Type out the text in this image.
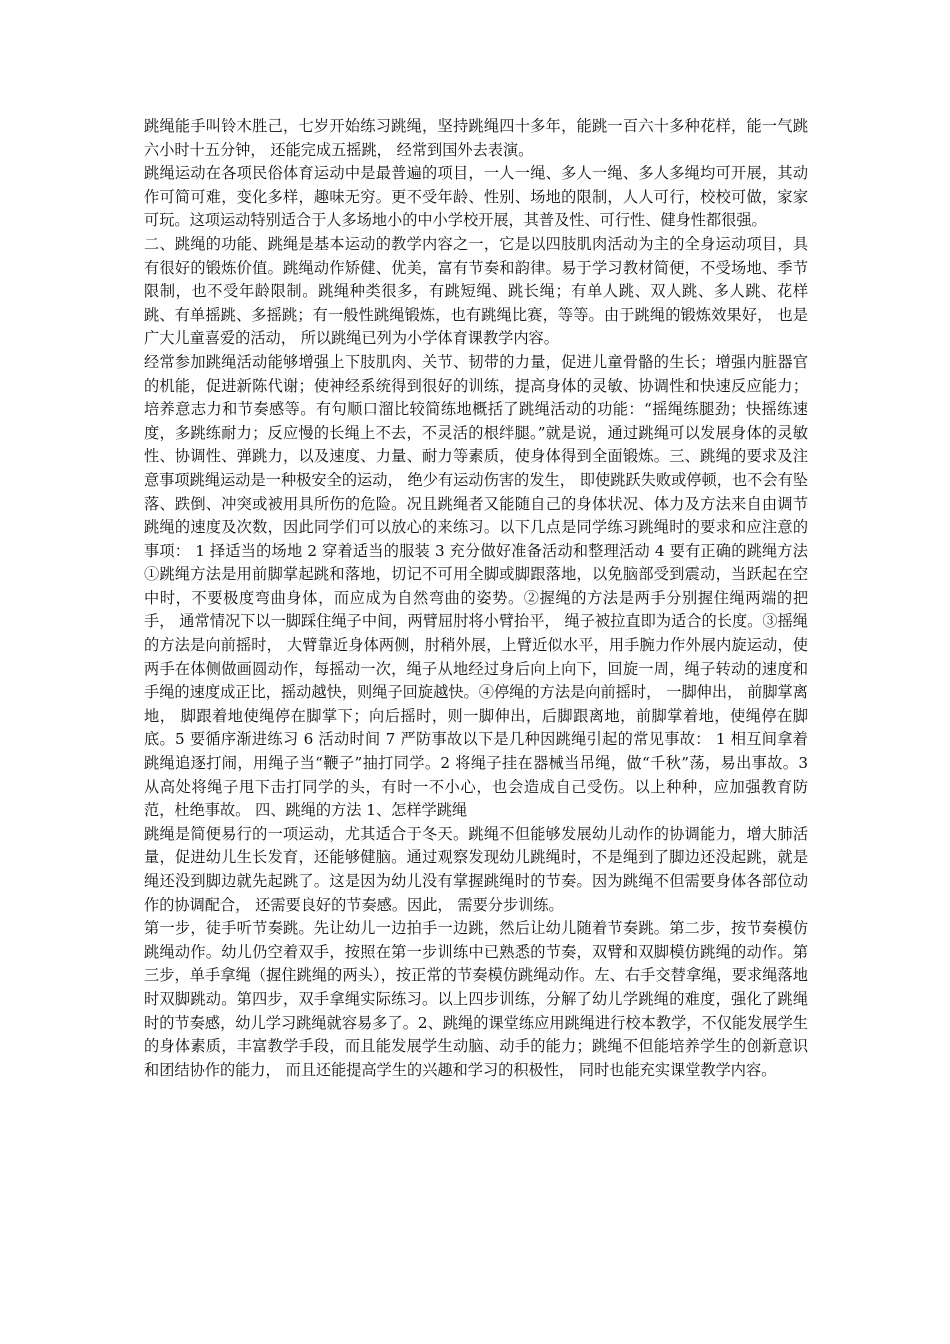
跳绳能手叫铃木胜己，七岁开始练习跳绳，坚持跳绳四十多年，能跳一百六十多种花样，能一气跳六小时十五分钟， 还能完成五摇跳， 经常到国外去表演。

跳绳运动在各项民俗体育运动中是最普遍的项目，一人一绳、多人一绳、多人多绳均可开展，其动作可简可难，变化多样，趣味无穷。更不受年龄、性别、场地的限制，人人可行，校校可做，家家可玩。这项运动特别适合于人多场地小的中小学校开展，其普及性、可行性、健身性都很强。

二、跳绳的功能、跳绳是基本运动的教学内容之一，它是以四肢肌肉活动为主的全身运动项目，具有很好的锻炼价值。跳绳动作矫健、优美，富有节奏和韵律。易于学习教材简便，不受场地、季节限制，也不受年龄限制。跳绳种类很多，有跳短绳、跳长绳；有单人跳、双人跳、多人跳、花样跳、有单摇跳、多摇跳；有一般性跳绳锻炼，也有跳绳比赛，等等。由于跳绳的锻炼效果好， 也是广大儿童喜爱的活动， 所以跳绳已列为小学体育课教学内容。

经常参加跳绳活动能够增强上下肢肌肉、关节、韧带的力量，促进儿童骨骼的生长；增强内脏器官的机能，促进新陈代谢；使神经系统得到很好的训练，提高身体的灵敏、协调性和快速反应能力； 培养意志力和节奏感等。有句顺口溜比较简练地概括了跳绳活动的功能：“摇绳练腿劲；快摇练速度，多跳练耐力；反应慢的长绳上不去，不灵活的根绊腿。”就是说，通过跳绳可以发展身体的灵敏性、协调性、弹跳力，以及速度、力量、耐力等素质，使身体得到全面锻炼。三、跳绳的要求及注意事项跳绳运动是一种极安全的运动， 绝少有运动伤害的发生， 即使跳跃失败或停顿，也不会有坠落、跌倒、冲突或被用具所伤的危险。况且跳绳者又能随自己的身体状况、体力及方法来自由调节跳绳的速度及次数，因此同学们可以放心的来练习。以下几点是同学练习跳绳时的要求和应注意的事项： 1 择适当的场地 2 穿着适当的服装 3 充分做好准备活动和整理活动 4 要有正确的跳绳方法①跳绳方法是用前脚掌起跳和落地，切记不可用全脚或脚跟落地，以免脑部受到震动，当跃起在空中时，不要极度弯曲身体，而应成为自然弯曲的姿势。②握绳的方法是两手分别握住绳两端的把手， 通常情况下以一脚踩住绳子中间，两臂屈肘将小臂抬平， 绳子被拉直即为适合的长度。③摇绳的方法是向前摇时， 大臂靠近身体两侧，肘稍外展，上臂近似水平，用手腕力作外展内旋运动，使两手在体侧做画圆动作，每摇动一次，绳子从地经过身后向上向下，回旋一周，绳子转动的速度和手绳的速度成正比，摇动越快，则绳子回旋越快。④停绳的方法是向前摇时， 一脚伸出， 前脚掌离地， 脚跟着地使绳停在脚掌下；向后摇时，则一脚伸出，后脚跟离地，前脚掌着地，使绳停在脚底。5 要循序渐进练习 6 活动时间 7 严防事故以下是几种因跳绳引起的常见事故： 1 相互间拿着跳绳追逐打闹，用绳子当“鞭子”抽打同学。2 将绳子挂在器械当吊绳，做“千秋”荡，易出事故。3 从高处将绳子甩下击打同学的头，有时一不小心，也会造成自己受伤。以上种种，应加强教育防范，杜绝事故。 四、跳绳的方法 1、怎样学跳绳

跳绳是简便易行的一项运动，尤其适合于冬天。跳绳不但能够发展幼儿动作的协调能力，增大肺活量，促进幼儿生长发育，还能够健脑。通过观察发现幼儿跳绳时，不是绳到了脚边还没起跳，就是绳还没到脚边就先起跳了。这是因为幼儿没有掌握跳绳时的节奏。因为跳绳不但需要身体各部位动作的协调配合， 还需要良好的节奏感。因此， 需要分步训练。

第一步，徒手听节奏跳。先让幼儿一边拍手一边跳，然后让幼儿随着节奏跳。第二步，按节奏模仿跳绳动作。幼儿仍空着双手，按照在第一步训练中已熟悉的节奏，双臂和双脚模仿跳绳的动作。第三步，单手拿绳（握住跳绳的两头），按正常的节奏模仿跳绳动作。左、右手交替拿绳，要求绳落地时双脚跳动。第四步，双手拿绳实际练习。以上四步训练，分解了幼儿学跳绳的难度，强化了跳绳时的节奏感，幼儿学习跳绳就容易多了。2、跳绳的课堂练应用跳绳进行校本教学，不仅能发展学生的身体素质，丰富教学手段，而且能发展学生动脑、动手的能力；跳绳不但能培养学生的创新意识和团结协作的能力， 而且还能提高学生的兴趣和学习的积极性， 同时也能充实课堂教学内容。
